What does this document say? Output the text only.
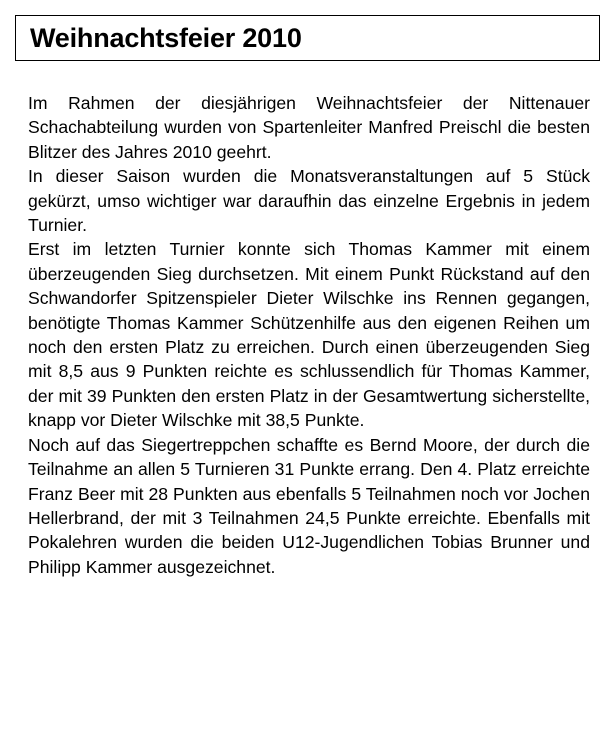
Weihnachtsfeier 2010

Im Rahmen der diesjährigen Weihnachtsfeier der Nittenauer Schachabteilung wurden von Spartenleiter Manfred Preischl die besten Blitzer des Jahres 2010 geehrt.

In dieser Saison wurden die Monatsveranstaltungen auf 5 Stück gekürzt, umso wichtiger war daraufhin das einzelne Ergebnis in jedem Turnier.

Erst im letzten Turnier konnte sich Thomas Kammer mit einem überzeugenden Sieg durchsetzen. Mit einem Punkt Rückstand auf den Schwandorfer Spitzenspieler Dieter Wilschke ins Rennen gegangen, benötigte Thomas Kammer Schützenhilfe aus den eigenen Reihen um noch den ersten Platz zu erreichen. Durch einen überzeugenden Sieg mit 8,5 aus 9 Punkten reichte es schlussendlich für Thomas Kammer, der mit 39 Punkten den ersten Platz in der Gesamtwertung sicherstellte, knapp vor Dieter Wilschke mit 38,5 Punkte.

Noch auf das Siegertreppchen schaffte es Bernd Moore, der durch die Teilnahme an allen 5 Turnieren 31 Punkte errang. Den 4. Platz erreichte Franz Beer mit 28 Punkten aus ebenfalls 5 Teilnahmen noch vor Jochen Hellerbrand, der mit 3 Teilnahmen 24,5 Punkte erreichte. Ebenfalls mit Pokalehren wurden die beiden U12-Jugendlichen Tobias Brunner und Philipp Kammer ausgezeichnet.
